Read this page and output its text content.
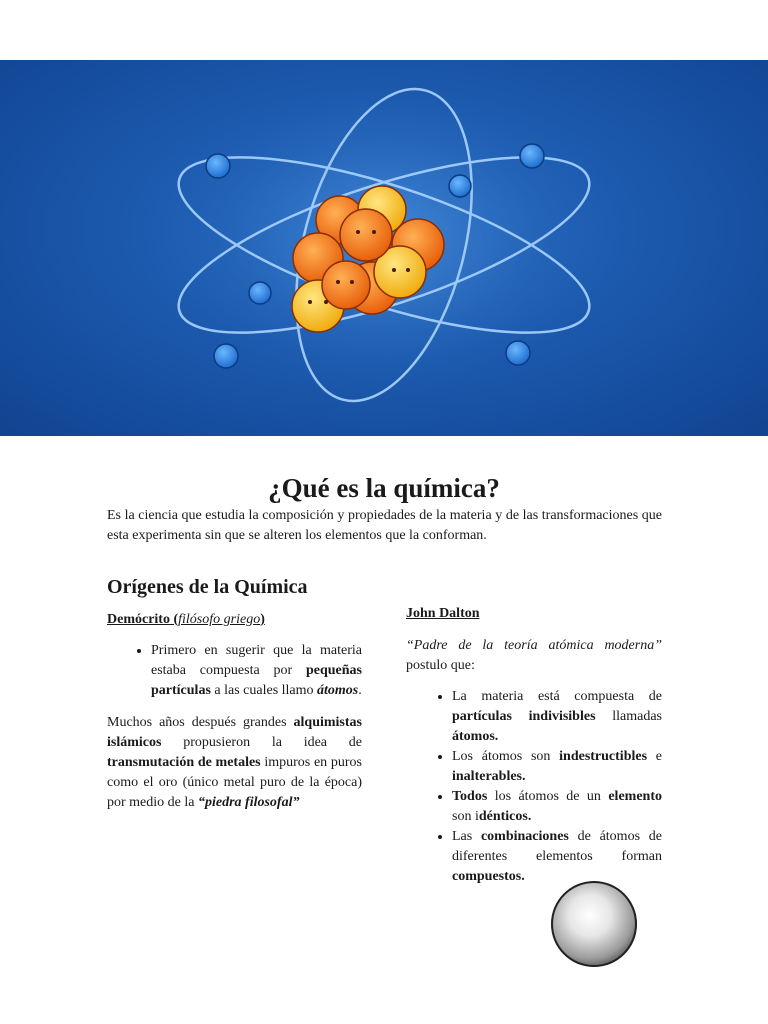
¿Qué es la química?

Es la ciencia que estudia la composición y propiedades de la materia y de las transformaciones que esta experimenta sin que se alteren los elementos que la conforman.

Orígenes de la Química

Demócrito (filósofo griego)

• Primero en sugerir que la materia estaba compuesta por pequeñas partículas a las cuales llamo átomos.

Muchos años después grandes alquimistas islámicos propusieron la idea de transmutación de metales impuros en puros como el oro (único metal puro de la época) por medio de la “piedra filosofal”

John Dalton

“Padre de la teoría atómica moderna” postulo que:

• La materia está compuesta de partículas indivisibles llamadas átomos.
• Los átomos son indestructibles e inalterables.
• Todos los átomos de un elemento son idénticos.
• Las combinaciones de átomos de diferentes elementos forman compuestos.
